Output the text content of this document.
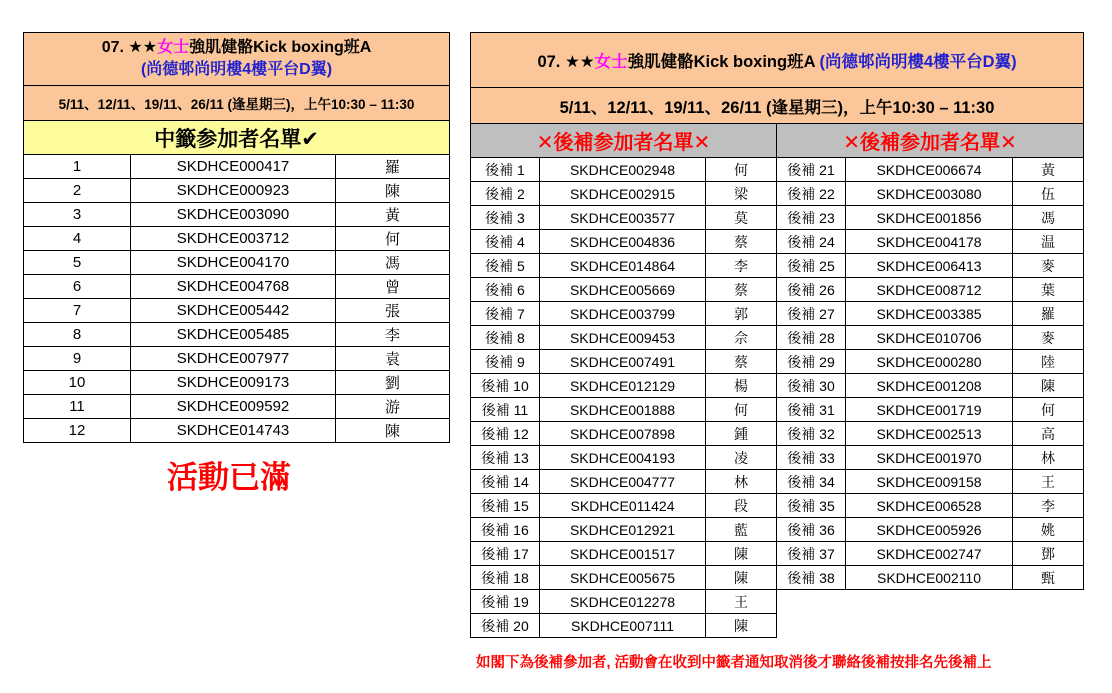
07. ★★女士強肌健骼Kick boxing班A
(尚德邨尚明樓4樓平台D翼)		
5/11、12/11、19/11、26/11 (逢星期三)，上午10:30 – 11:30		
中籤参加者名單✔		
1	SKDHCE000417	羅
2	SKDHCE000923	陳
3	SKDHCE003090	黃
4	SKDHCE003712	何
5	SKDHCE004170	馮
6	SKDHCE004768	曾
7	SKDHCE005442	張
8	SKDHCE005485	李
9	SKDHCE007977	袁
10	SKDHCE009173	劉
11	SKDHCE009592	游
12	SKDHCE014743	陳
活動已滿
07. ★★女士強肌健骼Kick boxing班A (尚德邨尚明樓4樓平台D翼)					
5/11、12/11、19/11、26/11 (逢星期三)，上午10:30 – 11:30					
✕後補参加者名單✕			✕後補参加者名單✕		
後補 1	SKDHCE002948	何	後補 21	SKDHCE006674	黃
後補 2	SKDHCE002915	梁	後補 22	SKDHCE003080	伍
後補 3	SKDHCE003577	莫	後補 23	SKDHCE001856	馮
後補 4	SKDHCE004836	蔡	後補 24	SKDHCE004178	温
後補 5	SKDHCE014864	李	後補 25	SKDHCE006413	麥
後補 6	SKDHCE005669	蔡	後補 26	SKDHCE008712	葉
後補 7	SKDHCE003799	郭	後補 27	SKDHCE003385	羅
後補 8	SKDHCE009453	佘	後補 28	SKDHCE010706	麥
後補 9	SKDHCE007491	蔡	後補 29	SKDHCE000280	陸
後補 10	SKDHCE012129	楊	後補 30	SKDHCE001208	陳
後補 11	SKDHCE001888	何	後補 31	SKDHCE001719	何
後補 12	SKDHCE007898	鍾	後補 32	SKDHCE002513	高
後補 13	SKDHCE004193	凌	後補 33	SKDHCE001970	林
後補 14	SKDHCE004777	林	後補 34	SKDHCE009158	王
後補 15	SKDHCE011424	段	後補 35	SKDHCE006528	李
後補 16	SKDHCE012921	藍	後補 36	SKDHCE005926	姚
後補 17	SKDHCE001517	陳	後補 37	SKDHCE002747	鄧
後補 18	SKDHCE005675	陳	後補 38	SKDHCE002110	甄
後補 19	SKDHCE012278	王			
後補 20	SKDHCE007111	陳			
如閣下為後補參加者, 活動會在收到中籤者通知取消後才聯絡後補按排名先後補上
